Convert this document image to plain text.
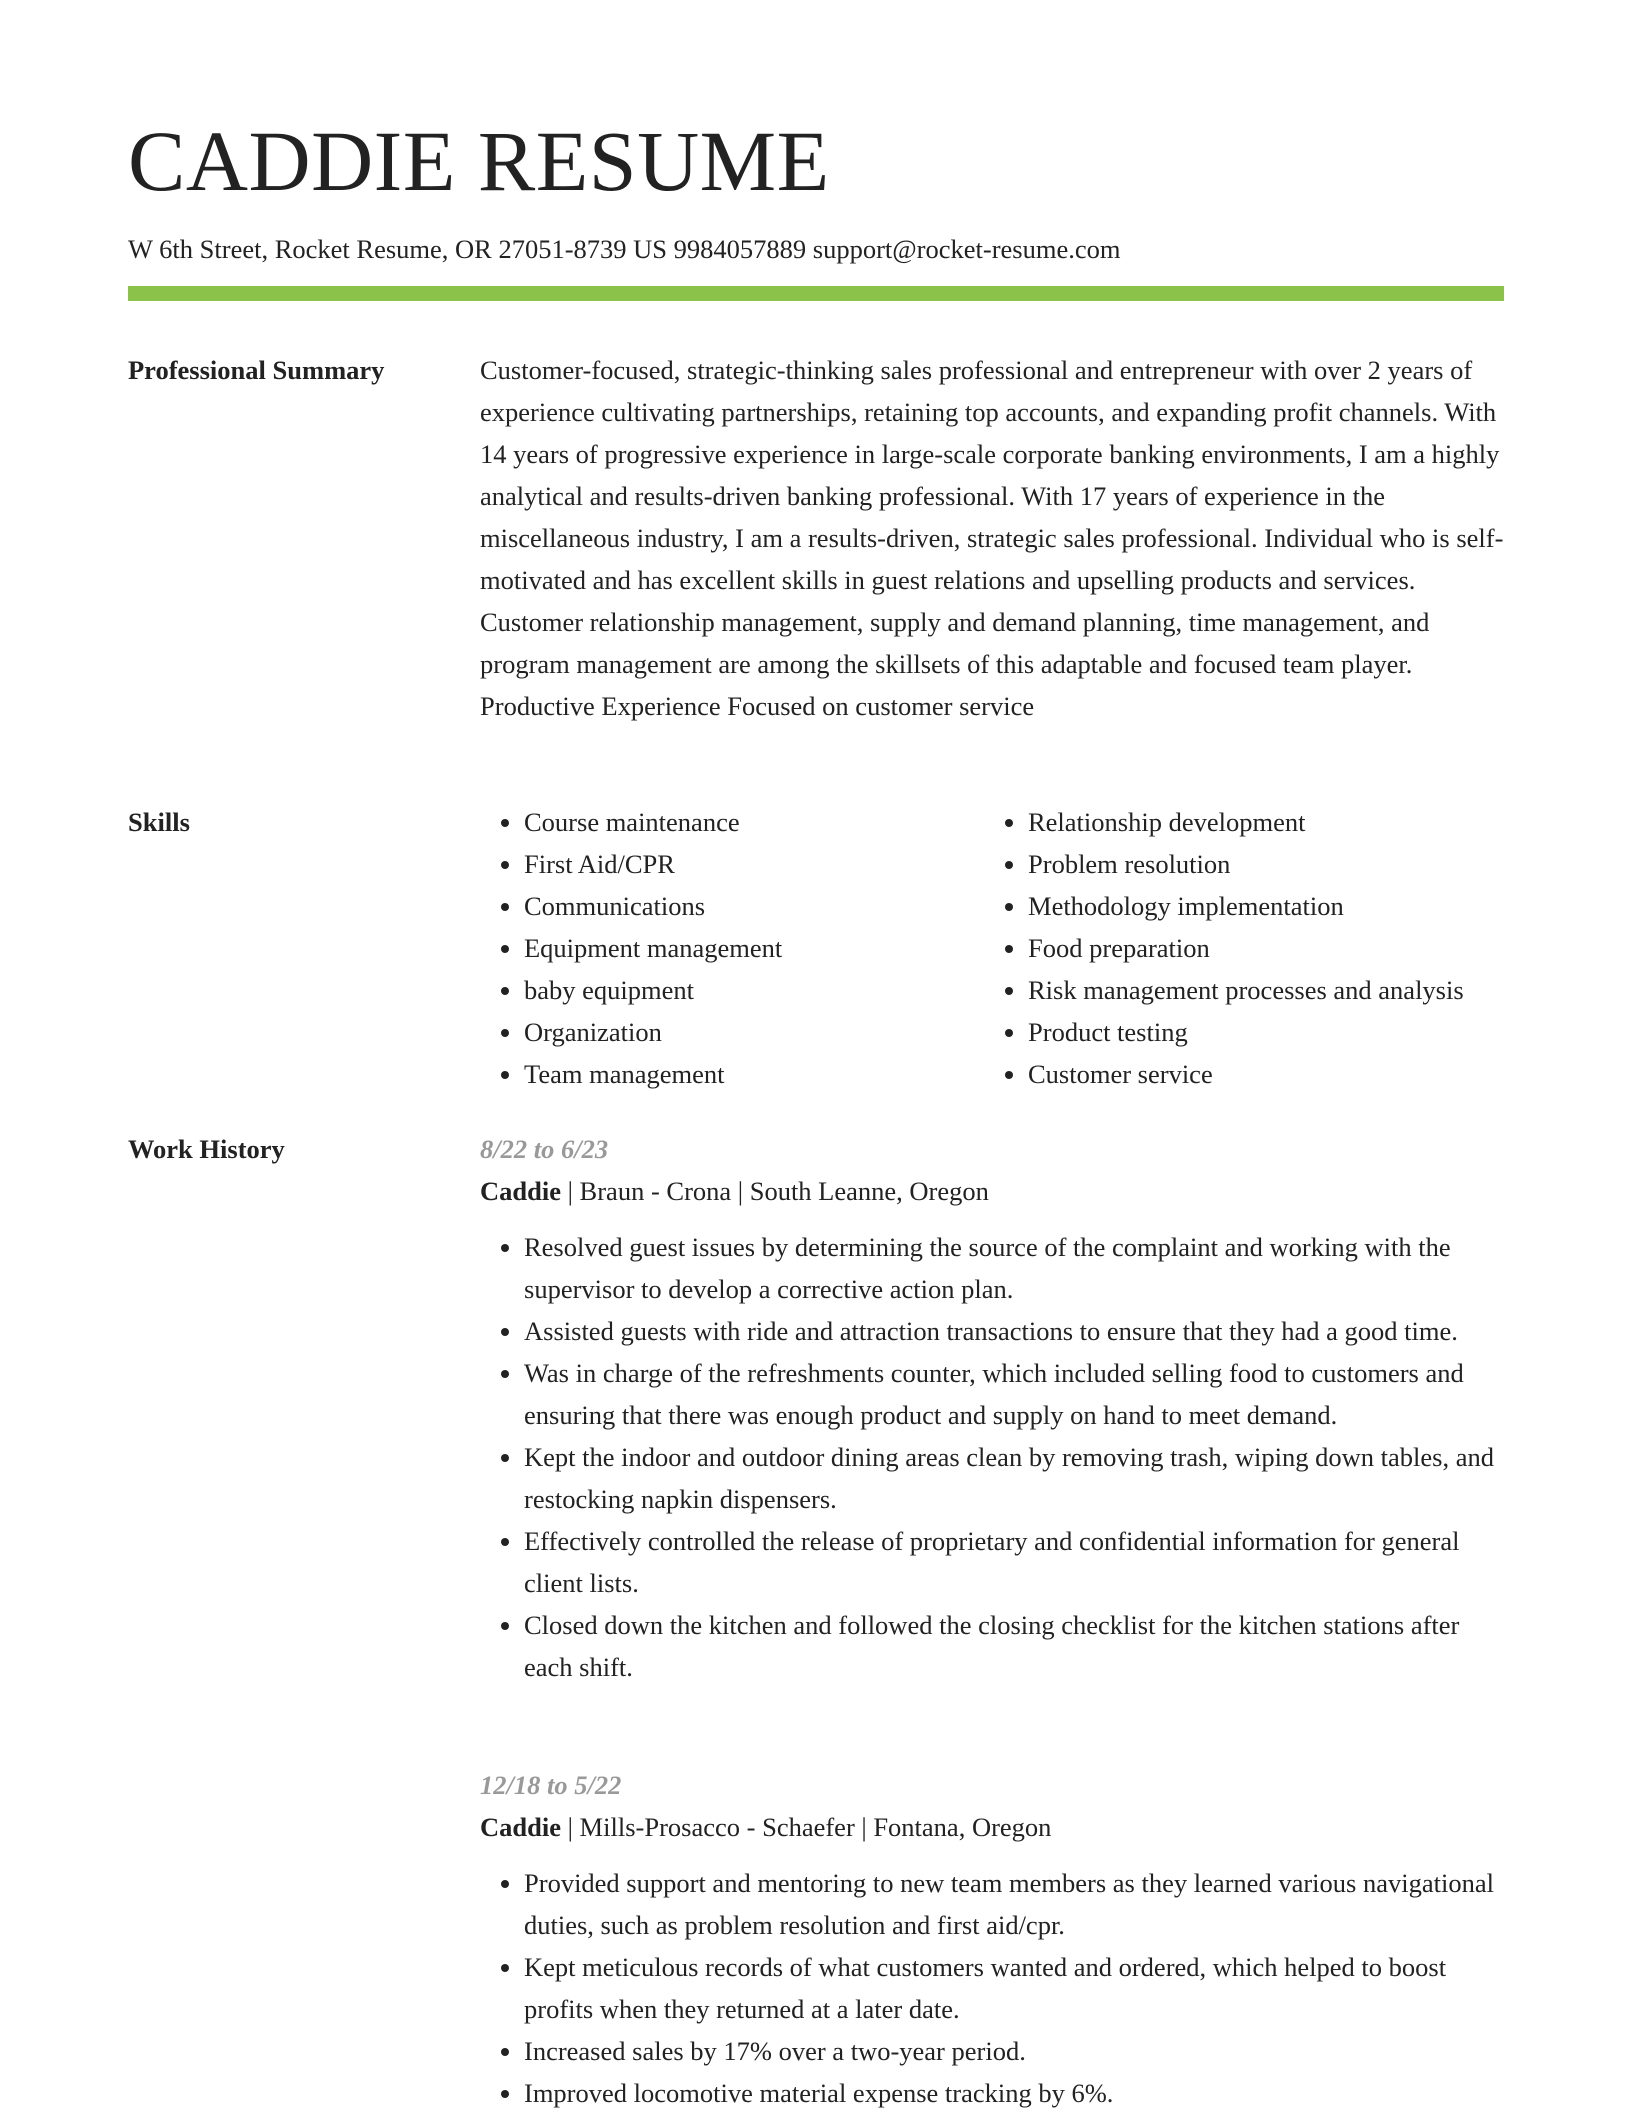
CADDIE RESUME
W 6th Street, Rocket Resume, OR 27051-8739 US 9984057889 support@rocket-resume.com
Professional Summary	Customer-focused, strategic-thinking sales professional and entrepreneur with over 2 years of experience cultivating partnerships, retaining top accounts, and expanding profit channels. With 14 years of progressive experience in large-scale corporate banking environments, I am a highly analytical and results-driven banking professional. With 17 years of experience in the miscellaneous industry, I am a results-driven, strategic sales professional. Individual who is self-motivated and has excellent skills in guest relations and upselling products and services. Customer relationship management, supply and demand planning, time management, and program management are among the skillsets of this adaptable and focused team player. Productive Experience Focused on customer service

Skills
•	Course maintenance
• First Aid/CPR
• Communications
• Equipment management
• baby equipment
• Organization
• Team management
• Relationship development
• Problem resolution
• Methodology implementation
• Food preparation
• Risk management processes and analysis
• Product testing
• Customer service
Work History	8/22 to 6/23

Caddie | Braun - Crona | South Leanne, Oregon

• Resolved guest issues by determining the source of the complaint and working with the supervisor to develop a corrective action plan.
• Assisted guests with ride and attraction transactions to ensure that they had a good time.
• Was in charge of the refreshments counter, which included selling food to customers and ensuring that there was enough product and supply on hand to meet demand.
• Kept the indoor and outdoor dining areas clean by removing trash, wiping down tables, and restocking napkin dispensers.
• Effectively controlled the release of proprietary and confidential information for general client lists.
• Closed down the kitchen and followed the closing checklist for the kitchen stations after each shift.

12/18 to 5/22

Caddie | Mills-Prosacco - Schaefer | Fontana, Oregon

• Provided support and mentoring to new team members as they learned various navigational duties, such as problem resolution and first aid/cpr.
• Kept meticulous records of what customers wanted and ordered, which helped to boost profits when they returned at a later date.
• Increased sales by 17% over a two-year period.
• Improved locomotive material expense tracking by 6%.
